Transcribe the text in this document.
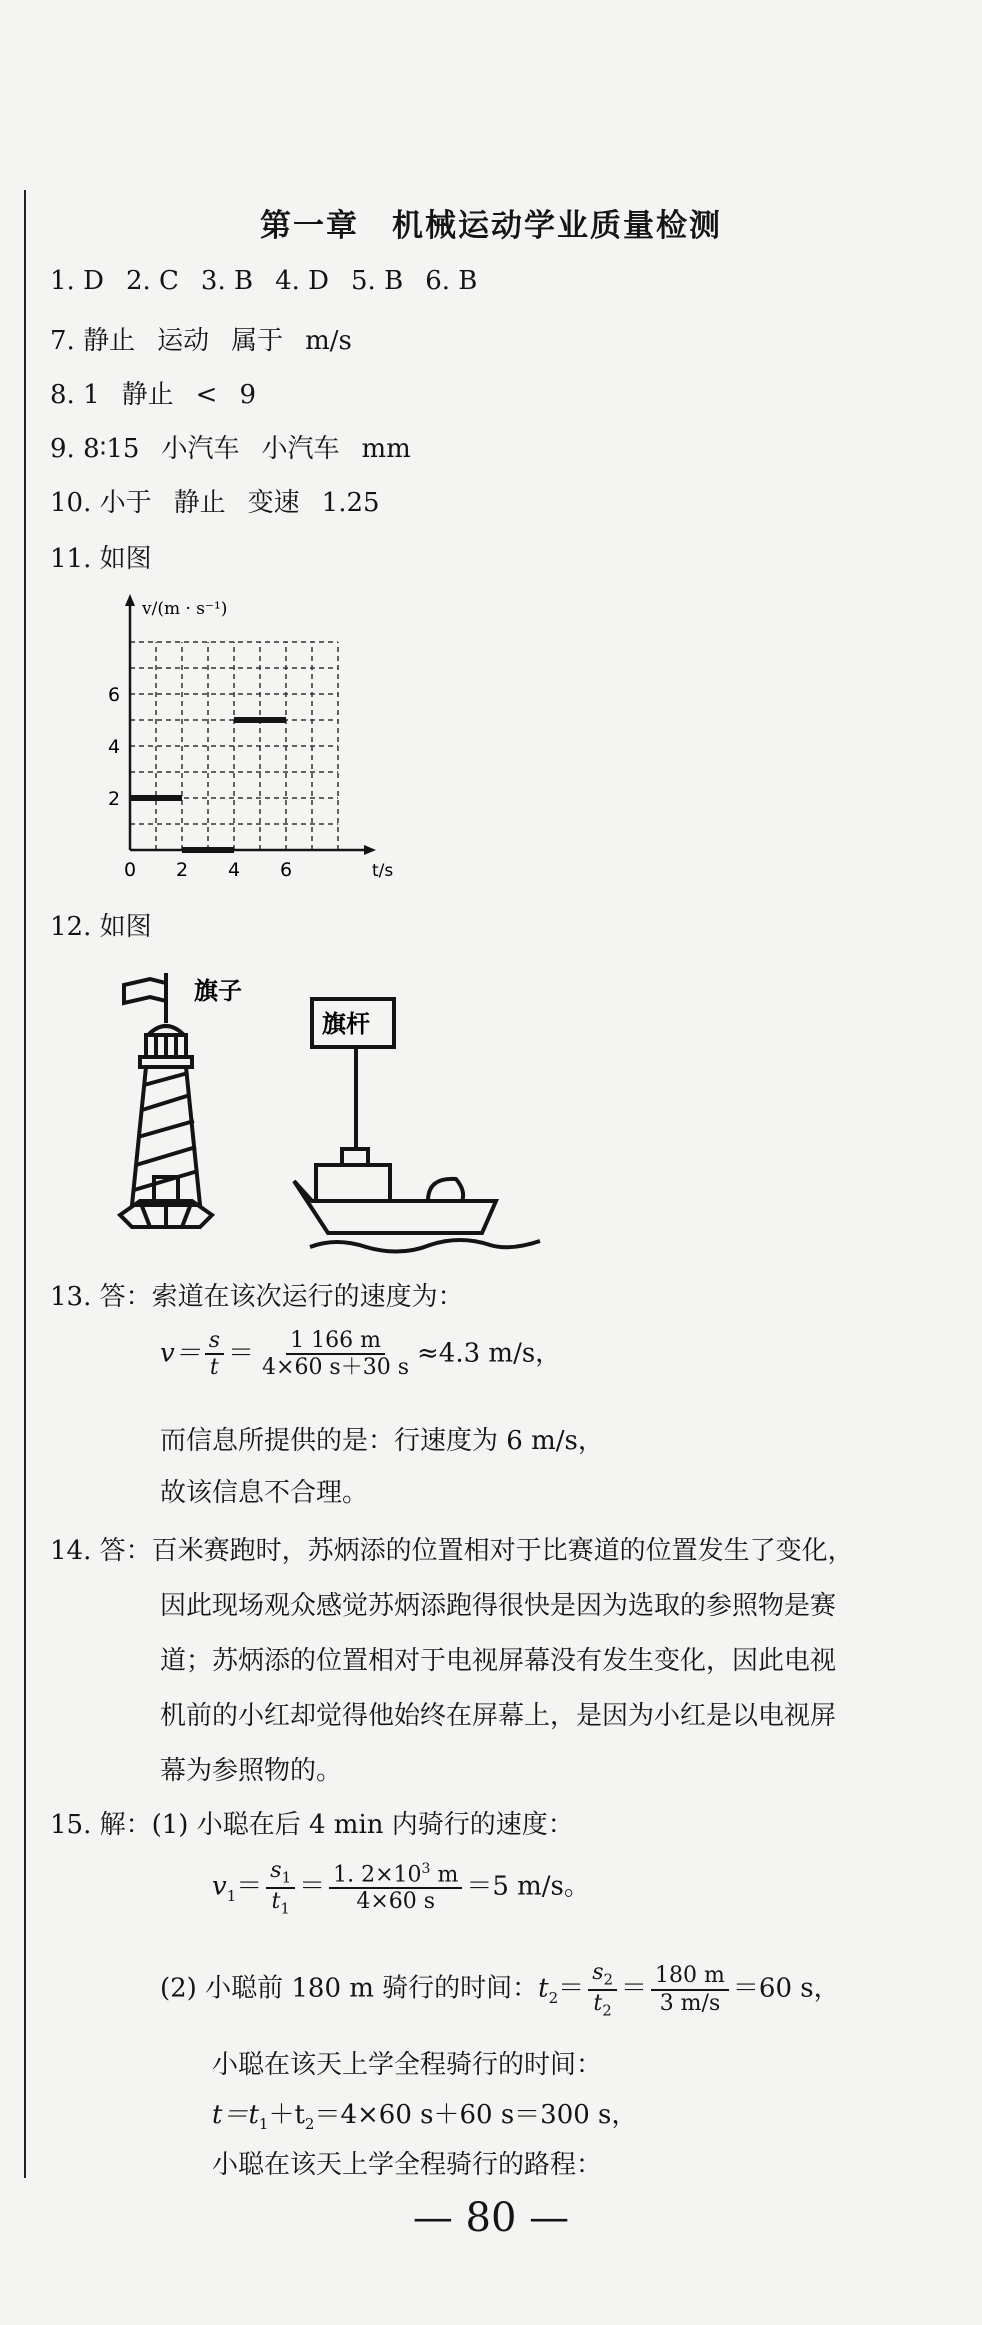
第一章　机械运动学业质量检测
1. D 2. C 3. B 4. D 5. B 6. B
7. 静止 运动 属于 m/s
8. 1 静止 < 9
9. 8∶15 小汽车 小汽车 mm
10. 小于 静止 变速 1.25
11. 如图
0 2 4 6
2
4
6
v/(m · s⁻¹)
t/s
12. 如图
旗子
旗杆
13. 答：索道在该次运行的速度为：
$v= \frac{s}{t} = \frac{1 166 m}{4\times 60 s+30 s} \approx 4.3$ m/s，
而信息所提供的是：行速度为 6 m/s，
故该信息不合理。
14. 答：百米赛跑时，苏炳添的位置相对于比赛道的位置发生了变化，
因此现场观众感觉苏炳添跑得很快是因为选取的参照物是赛
道；苏炳添的位置相对于电视屏幕没有发生变化，因此电视
机前的小红却觉得他始终在屏幕上，是因为小红是以电视屏
幕为参照物的。
15. 解：(1) 小聪在后 4 min 内骑行的速度：
$v_1= \frac{s_1}{t_1} = \frac{1. 2\times 10^3 m}{4\times 60 s} =5$ m/s。
(2) 小聪前 180 m 骑行的时间：$t_2= \frac{s_2}{t_2} = \frac{180 m}{3 m/s} =60$ s，
小聪在该天上学全程骑行的时间：
$t=t_1+t_2=4\times 60$ s＋60 s＝300 s，
小聪在该天上学全程骑行的路程：
— 80 —
